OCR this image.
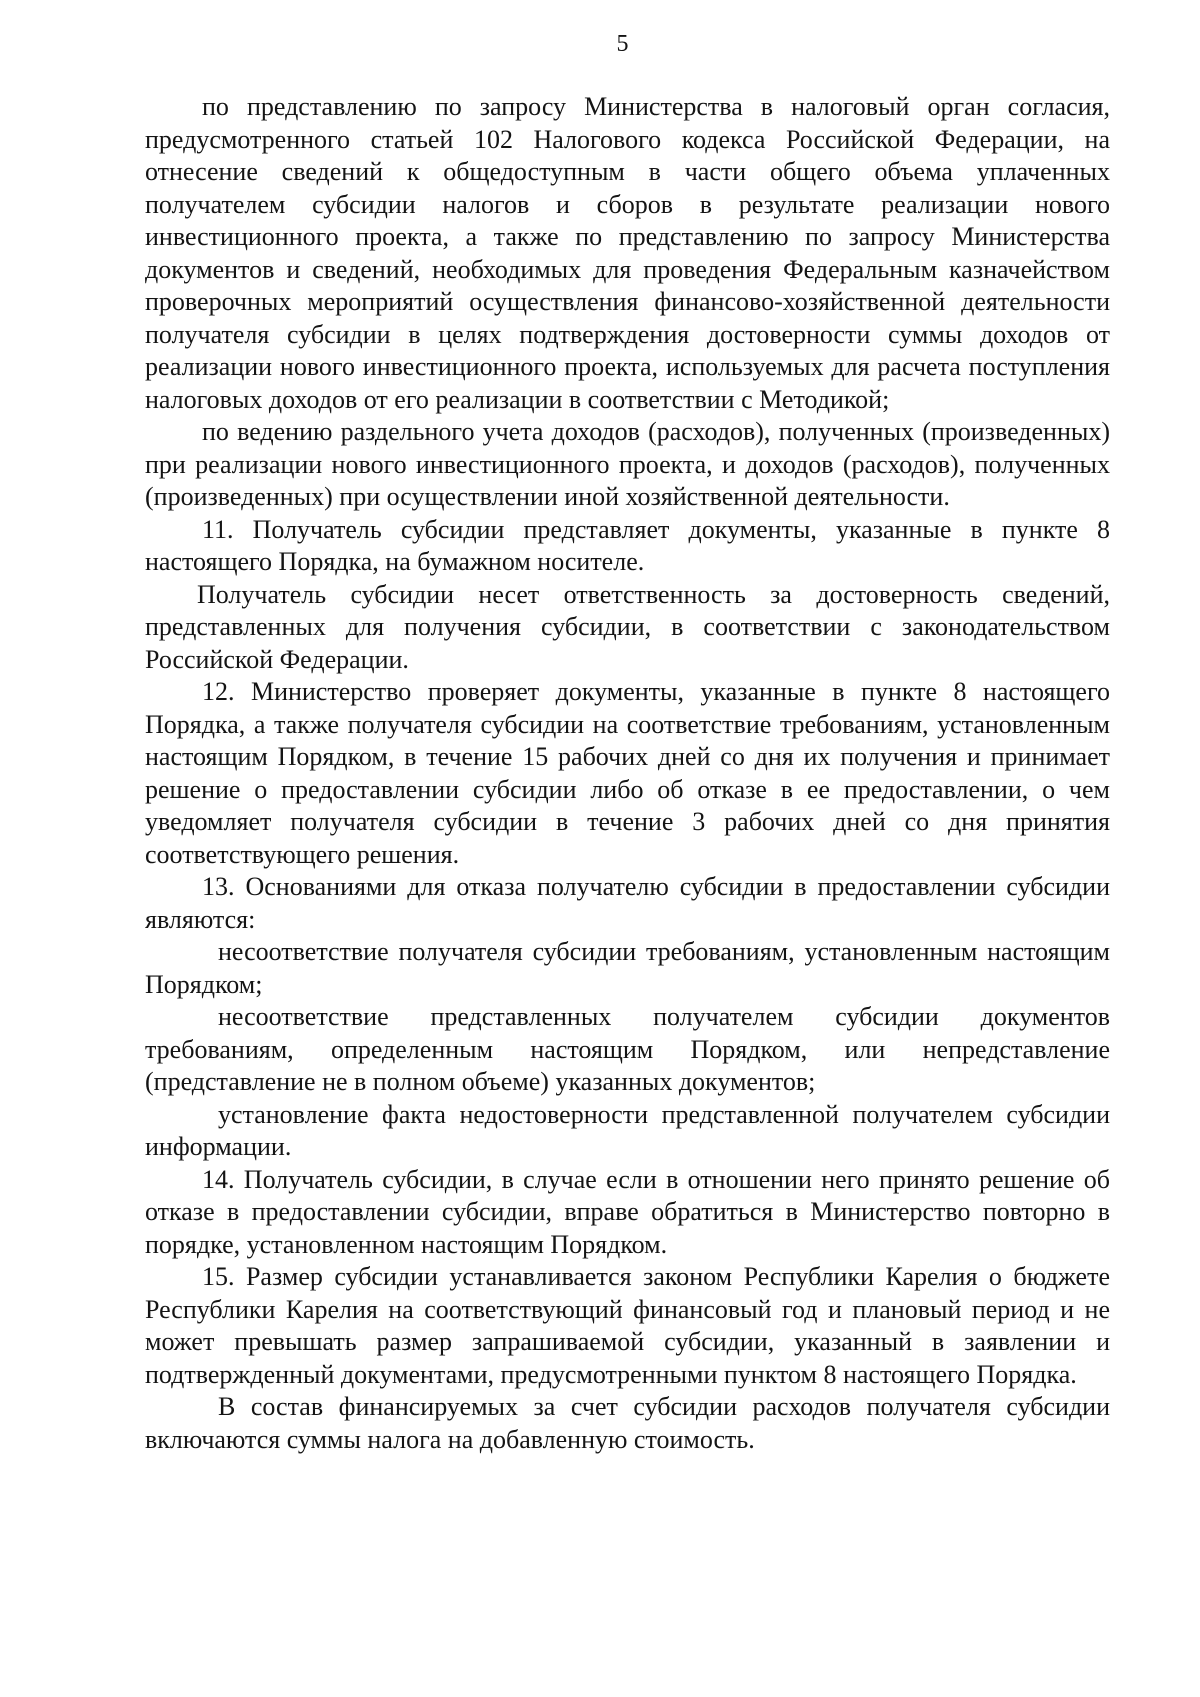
5

по представлению по запросу Министерства в налоговый орган согласия, предусмотренного статьей 102 Налогового кодекса Российской Федерации, на отнесение сведений к общедоступным в части общего объема уплаченных получателем субсидии налогов и сборов в результате реализации нового инвестиционного проекта, а также по представлению по запросу Министерства документов и сведений, необходимых для проведения Федеральным казначейством проверочных мероприятий осуществления финансово-хозяйственной деятельности получателя субсидии в целях подтверждения достоверности суммы доходов от реализации нового инвестиционного проекта, используемых для расчета поступления налоговых доходов от его реализации в соответствии с Методикой;

по ведению раздельного учета доходов (расходов), полученных (произведенных) при реализации нового инвестиционного проекта, и доходов (расходов), полученных (произведенных) при осуществлении иной хозяйственной деятельности.

11. Получатель субсидии представляет документы, указанные в пункте 8 настоящего Порядка, на бумажном носителе.

Получатель субсидии несет ответственность за достоверность сведений, представленных для получения субсидии, в соответствии с законодательством Российской Федерации.

12. Министерство проверяет документы, указанные в пункте 8 настоящего Порядка, а также получателя субсидии на соответствие требованиям, установленным настоящим Порядком, в течение 15 рабочих дней со дня их получения и принимает решение о предоставлении субсидии либо об отказе в ее предоставлении, о чем уведомляет получателя субсидии в течение 3 рабочих дней со дня принятия соответствующего решения.

13. Основаниями для отказа получателю субсидии в предоставлении субсидии являются:

несоответствие получателя субсидии требованиям, установленным настоящим Порядком;

несоответствие представленных получателем субсидии документов требованиям, определенным настоящим Порядком, или непредставление (представление не в полном объеме) указанных документов;

установление факта недостоверности представленной получателем субсидии информации.

14. Получатель субсидии, в случае если в отношении него принято решение об отказе в предоставлении субсидии, вправе обратиться в Министерство повторно в порядке, установленном настоящим Порядком.

15. Размер субсидии устанавливается законом Республики Карелия о бюджете Республики Карелия на соответствующий финансовый год и плановый период и не может превышать размер запрашиваемой субсидии, указанный в заявлении и подтвержденный документами, предусмотренными пунктом 8 настоящего Порядка.

В состав финансируемых за счет субсидии расходов получателя субсидии включаются суммы налога на добавленную стоимость.
